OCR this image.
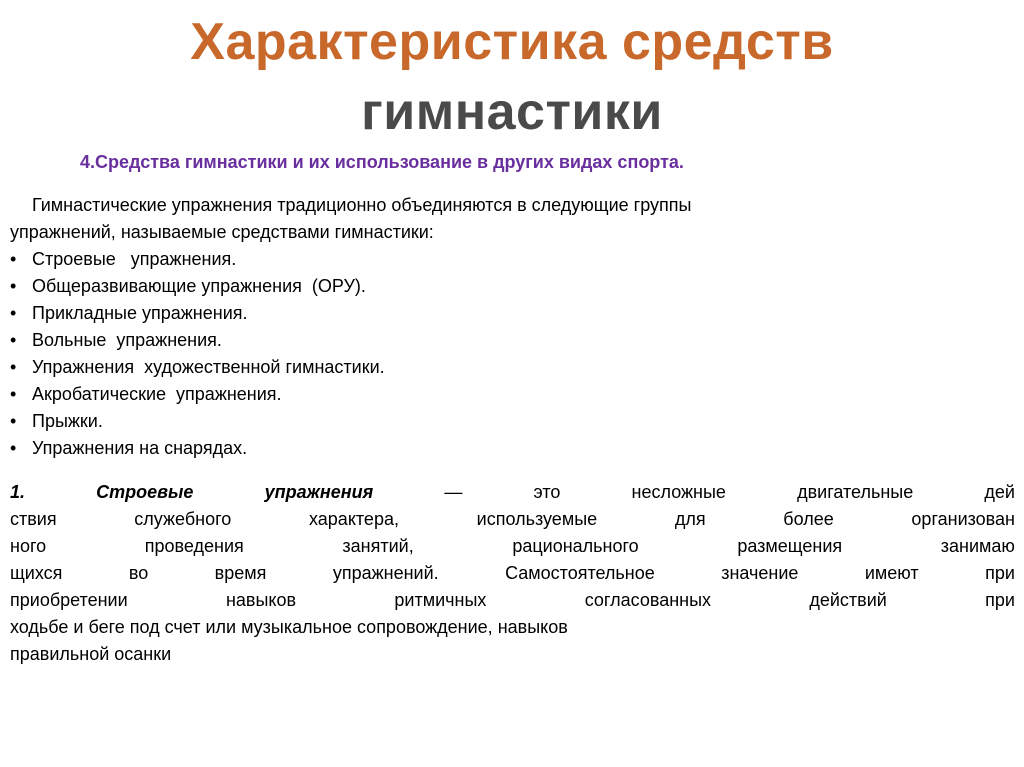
Характеристика средств
гимнастики
4.Средства гимнастики и их использование в других видах спорта.
Гимнастические упражнения традиционно объединяются в следующие группы
упражнений, называемые средствами гимнастики:
• Строевые   упражнения.
• Общеразвивающие упражнения  (ОРУ).
• Прикладные упражнения.
• Вольные  упражнения.
• Упражнения  художественной гимнастики.
• Акробатические  упражнения.
• Прыжки.
• Упражнения на снарядах.
1.	Строевые	упражнения	—	это	несложные	двигательные	дей
ствия	служебного	характера,	используемые	для	более	организован
ного	проведения	занятий,	рационального	размещения	занимаю
щихся	во	время	упражнений.	Самостоятельное	значение	имеют	при
приобретении	навыков	ритмичных	согласованных	действий	при
ходьбе и беге под счет или музыкальное сопровождение, навыков
правильной осанки
